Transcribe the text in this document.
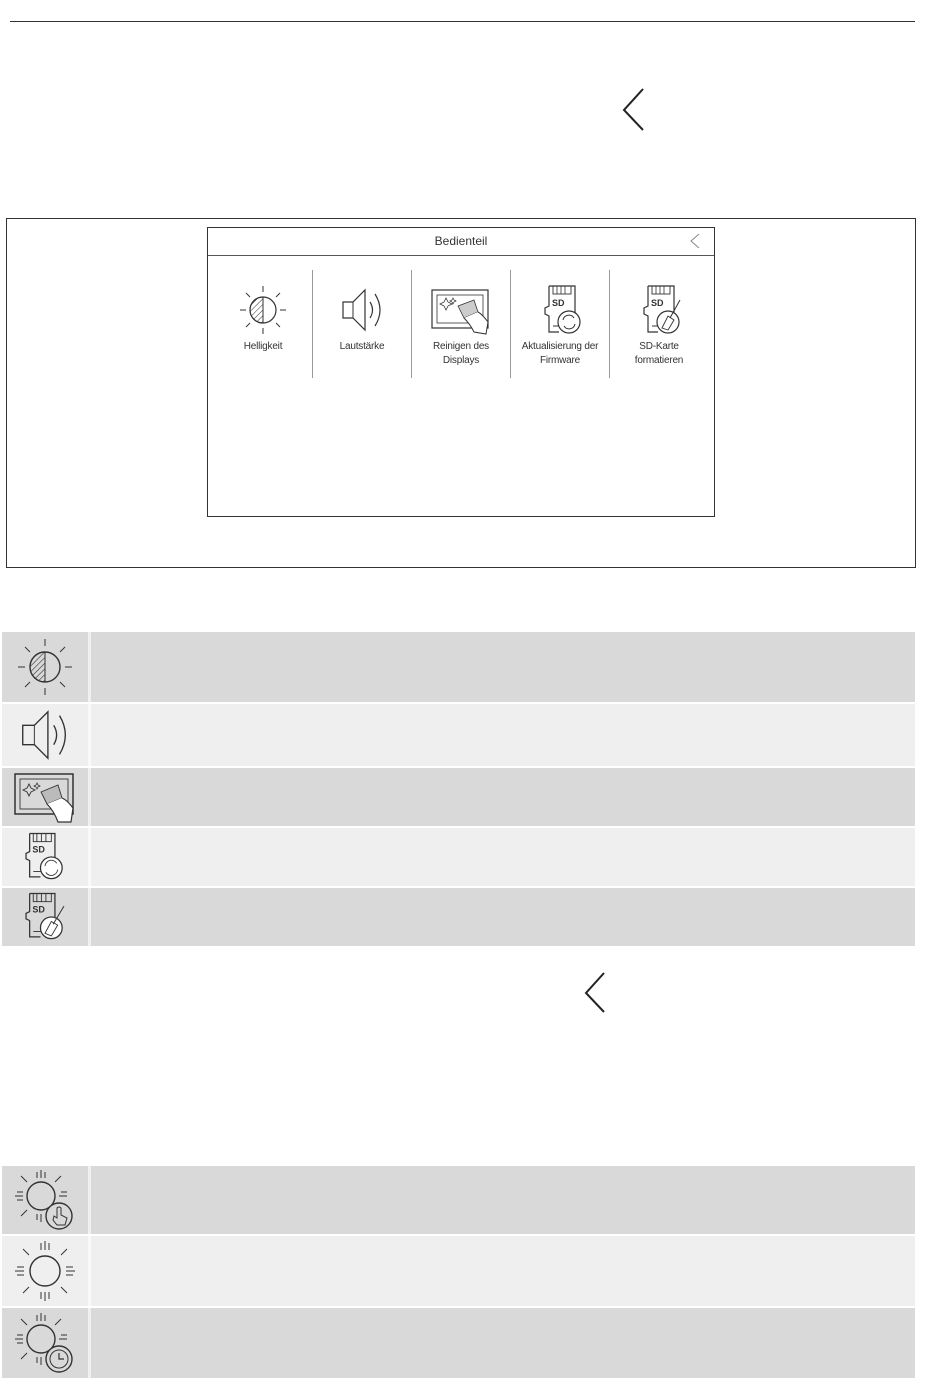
Bedienteil
Helligkeit	Lautstärke	Reinigen des
Displays
SD
Aktualisierung der
Firmware
SD
SD-Karte
formatieren
SD
SD
